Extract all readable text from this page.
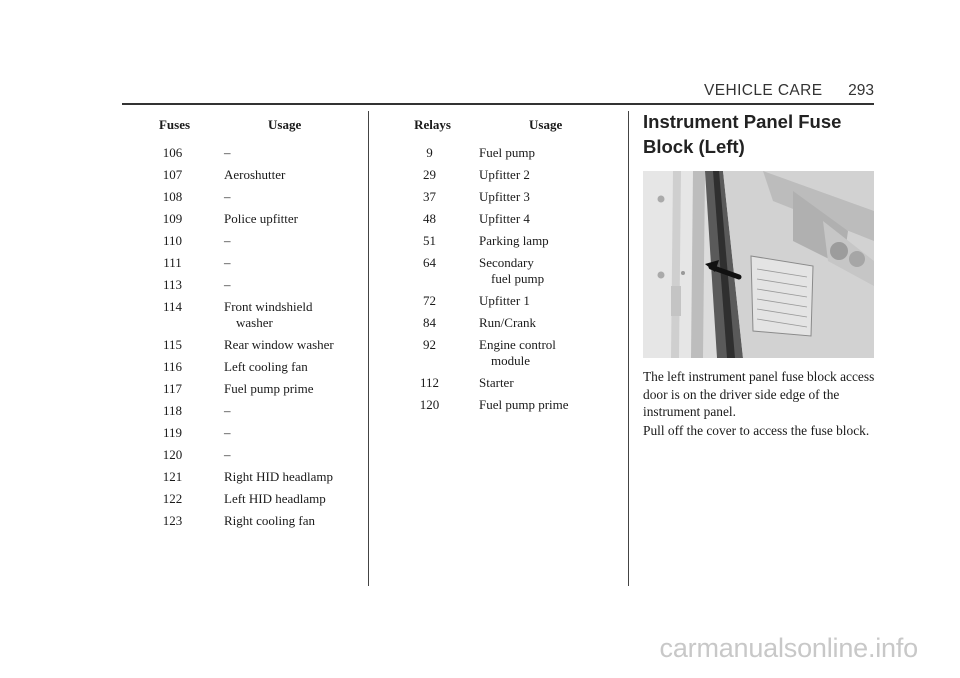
VEHICLE CARE 293
Fuses	Usage
106	–
107	Aeroshutter
108	–
109	Police upfitter
110	–
111	–
113	–
114	Front windshield
washer

115	Rear window washer
116	Left cooling fan
117	Fuel pump prime
118	–
119	–
120	–
121	Right HID headlamp
122	Left HID headlamp
123	Right cooling fan
Relays	Usage
9	Fuel pump
29	Upfitter 2
37	Upfitter 3
48	Upfitter 4
51	Parking lamp
64	Secondary
fuel pump

72	Upfitter 1
84	Run/Crank
92	Engine control
module

112	Starter
120	Fuel pump prime
Instrument Panel Fuse Block (Left)
The left instrument panel fuse block access door is on the driver side edge of the instrument panel.
Pull off the cover to access the fuse block.
carmanualsonline.info
